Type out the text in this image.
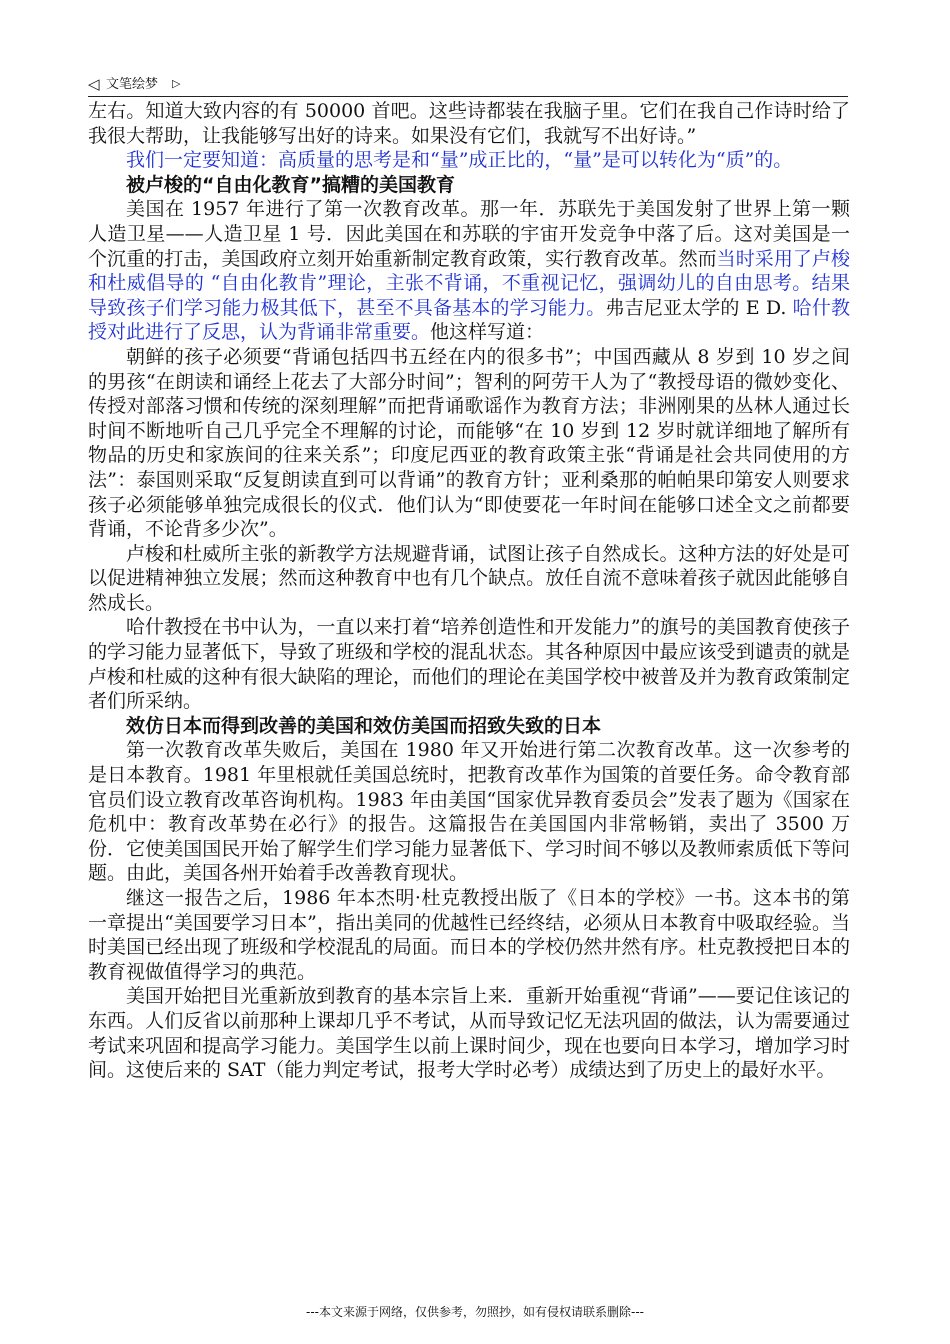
◁ 文笔绘梦 ▷

左右。知道大致内容的有 50000 首吧。这些诗都装在我脑子里。它们在我自己作诗时给了我很大帮助，让我能够写出好的诗来。如果没有它们，我就写不出好诗。”

我们一定要知道：高质量的思考是和“量”成正比的，“量”是可以转化为“质”的。

被卢梭的“自由化教育”搞糟的美国教育

美国在 1957 年进行了第一次教育改革。那一年．苏联先于美国发射了世界上第一颗人造卫星——人造卫星 1 号．因此美国在和苏联的宇宙开发竞争中落了后。这对美国是一个沉重的打击，美国政府立刻开始重新制定教育政策，实行教育改革。然而当时采用了卢梭和杜威倡导的 “自由化教肯”理论，主张不背诵，不重视记忆，强调幼儿的自由思考。结果导致孩子们学习能力极其低下，甚至不具备基本的学习能力。弗吉尼亚太学的 E D. 哈什教授对此进行了反思，认为背诵非常重要。他这样写道：

朝鲜的孩子必须要“背诵包括四书五经在内的很多书”；中国西藏从 8 岁到 10 岁之间的男孩“在朗读和诵经上花去了大部分时间”；智利的阿劳干人为了“教授母语的微妙变化、传授对部落习惯和传统的深刻理解”而把背诵歌谣作为教育方法；非洲刚果的丛林人通过长时间不断地听自己几乎完全不理解的讨论，而能够“在 10 岁到 12 岁时就详细地了解所有物品的历史和家族间的往来关系”；印度尼西亚的教育政策主张“背诵是社会共同使用的方法”：泰国则采取“反复朗读直到可以背诵”的教育方针；亚利桑那的帕帕果印第安人则要求孩子必须能够单独完成很长的仪式．他们认为“即使要花一年时间在能够口述全文之前都要背诵，不论背多少次”。

卢梭和杜威所主张的新教学方法规避背诵，试图让孩子自然成长。这种方法的好处是可以促进精神独立发展；然而这种教育中也有几个缺点。放任自流不意味着孩子就因此能够自然成长。

哈什教授在书中认为，一直以来打着“培养创造性和开发能力”的旗号的美国教育使孩子的学习能力显著低下，导致了班级和学校的混乱状态。其各种原因中最应该受到谴责的就是卢梭和杜威的这种有很大缺陷的理论，而他们的理论在美国学校中被普及并为教育政策制定者们所采纳。

效仿日本而得到改善的美国和效仿美国而招致失致的日本

第一次教育改革失败后，美国在 1980 年又开始进行第二次教育改革。这一次参考的是日本教育。1981 年里根就任美国总统时，把教育改革作为国策的首要任务。命令教育部官员们设立教育改革咨询机构。1983 年由美国“国家优异教育委员会”发表了题为《国家在危机中：教育改革势在必行》的报告。这篇报告在美国国内非常畅销，卖出了 3500 万份．它使美国国民开始了解学生们学习能力显著低下、学习时间不够以及教师索质低下等问题。由此，美国各州开始着手改善教育现状。

继这一报告之后，1986 年本杰明·杜克教授出版了《日本的学校》一书。这本书的第一章提出“美国要学习日本”，指出美同的优越性已经终结，必须从日本教育中吸取经验。当时美国已经出现了班级和学校混乱的局面。而日本的学校仍然井然有序。杜克教授把日本的教育视做值得学习的典范。

美国开始把目光重新放到教育的基本宗旨上来．重新开始重视“背诵”——要记住该记的东西。人们反省以前那种上课却几乎不考试，从而导致记忆无法巩固的做法，认为需要通过考试来巩固和提高学习能力。美国学生以前上课时间少，现在也要向日本学习，增加学习时间。这使后来的 SAT（能力判定考试，报考大学时必考）成绩达到了历史上的最好水平。

---本文来源于网络，仅供参考，勿照抄，如有侵权请联系删除---
